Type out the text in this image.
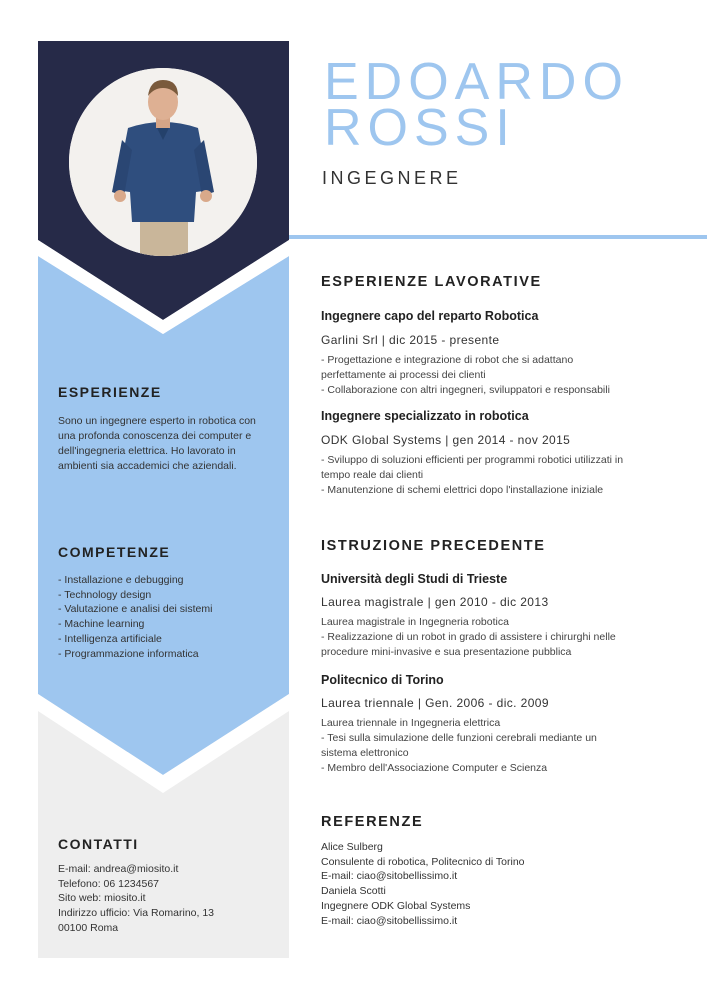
EDOARDO
ROSSI
INGEGNERE
ESPERIENZE
Sono un ingegnere esperto in robotica con una profonda conoscenza dei computer e dell'ingegneria elettrica. Ho lavorato in ambienti sia accademici che aziendali.
COMPETENZE
- Installazione e debugging
- Technology design
- Valutazione e analisi dei sistemi
- Machine learning
- Intelligenza artificiale
- Programmazione informatica
CONTATTI
E-mail: andrea@miosito.it
Telefono: 06 1234567
Sito web: miosito.it
Indirizzo ufficio: Via Romarino, 13
00100 Roma
ESPERIENZE LAVORATIVE
Ingegnere capo del reparto Robotica
Garlini Srl | dic 2015 - presente
- Progettazione e integrazione di robot che si adattano
perfettamente ai processi dei clienti
- Collaborazione con altri ingegneri, sviluppatori e responsabili
Ingegnere specializzato in robotica
ODK Global Systems | gen 2014 - nov 2015
- Sviluppo di soluzioni efficienti per programmi robotici utilizzati in
tempo reale dai clienti
- Manutenzione di schemi elettrici dopo l'installazione iniziale
ISTRUZIONE PRECEDENTE
Università degli Studi di Trieste
Laurea magistrale | gen 2010 - dic 2013
Laurea magistrale in Ingegneria robotica
- Realizzazione di un robot in grado di assistere i chirurghi nelle
procedure mini-invasive e sua presentazione pubblica
Politecnico di Torino
Laurea triennale | Gen. 2006 - dic. 2009
Laurea triennale in Ingegneria elettrica
- Tesi sulla simulazione delle funzioni cerebrali mediante un
sistema elettronico
- Membro dell'Associazione Computer e Scienza
REFERENZE
Alice Sulberg
Consulente di robotica, Politecnico di Torino
E-mail: ciao@sitobellissimo.it
Daniela Scotti
Ingegnere ODK Global Systems
E-mail: ciao@sitobellissimo.it
